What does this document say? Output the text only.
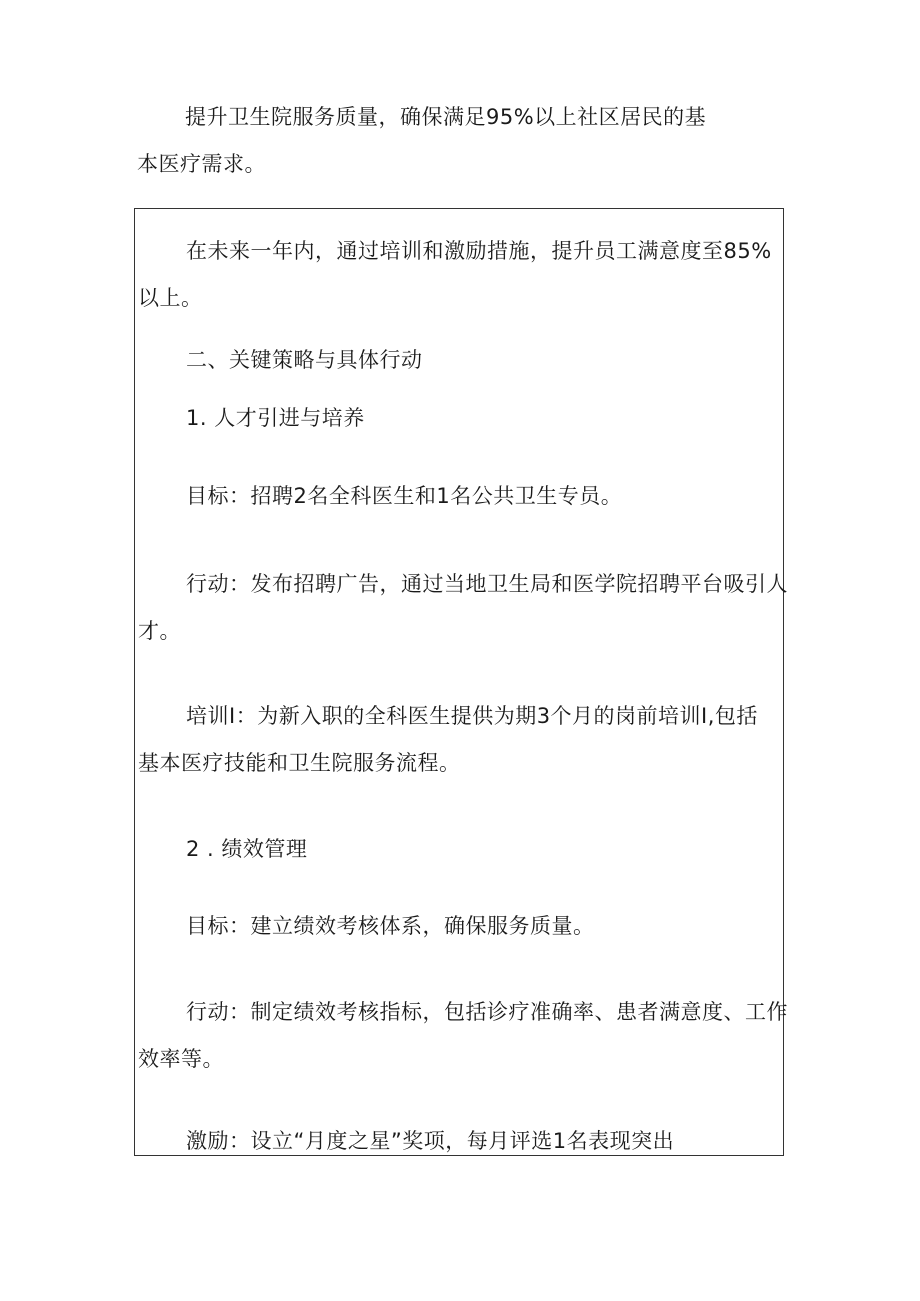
提升卫生院服务质量，确保满足95%以上社区居民的基
本医疗需求。
在未来一年内，通过培训和激励措施，提升员工满意度至85%
以上。
二、关键策略与具体行动
1. 人才引进与培养
目标：招聘2名全科医生和1名公共卫生专员。
行动：发布招聘广告，通过当地卫生局和医学院招聘平台吸引人
才。
培训I：为新入职的全科医生提供为期3个月的岗前培训I,包括
基本医疗技能和卫生院服务流程。
2 . 绩效管理
目标：建立绩效考核体系，确保服务质量。
行动：制定绩效考核指标，包括诊疗准确率、患者满意度、工作
效率等。
激励：设立“月度之星”奖项，每月评选1名表现突出
